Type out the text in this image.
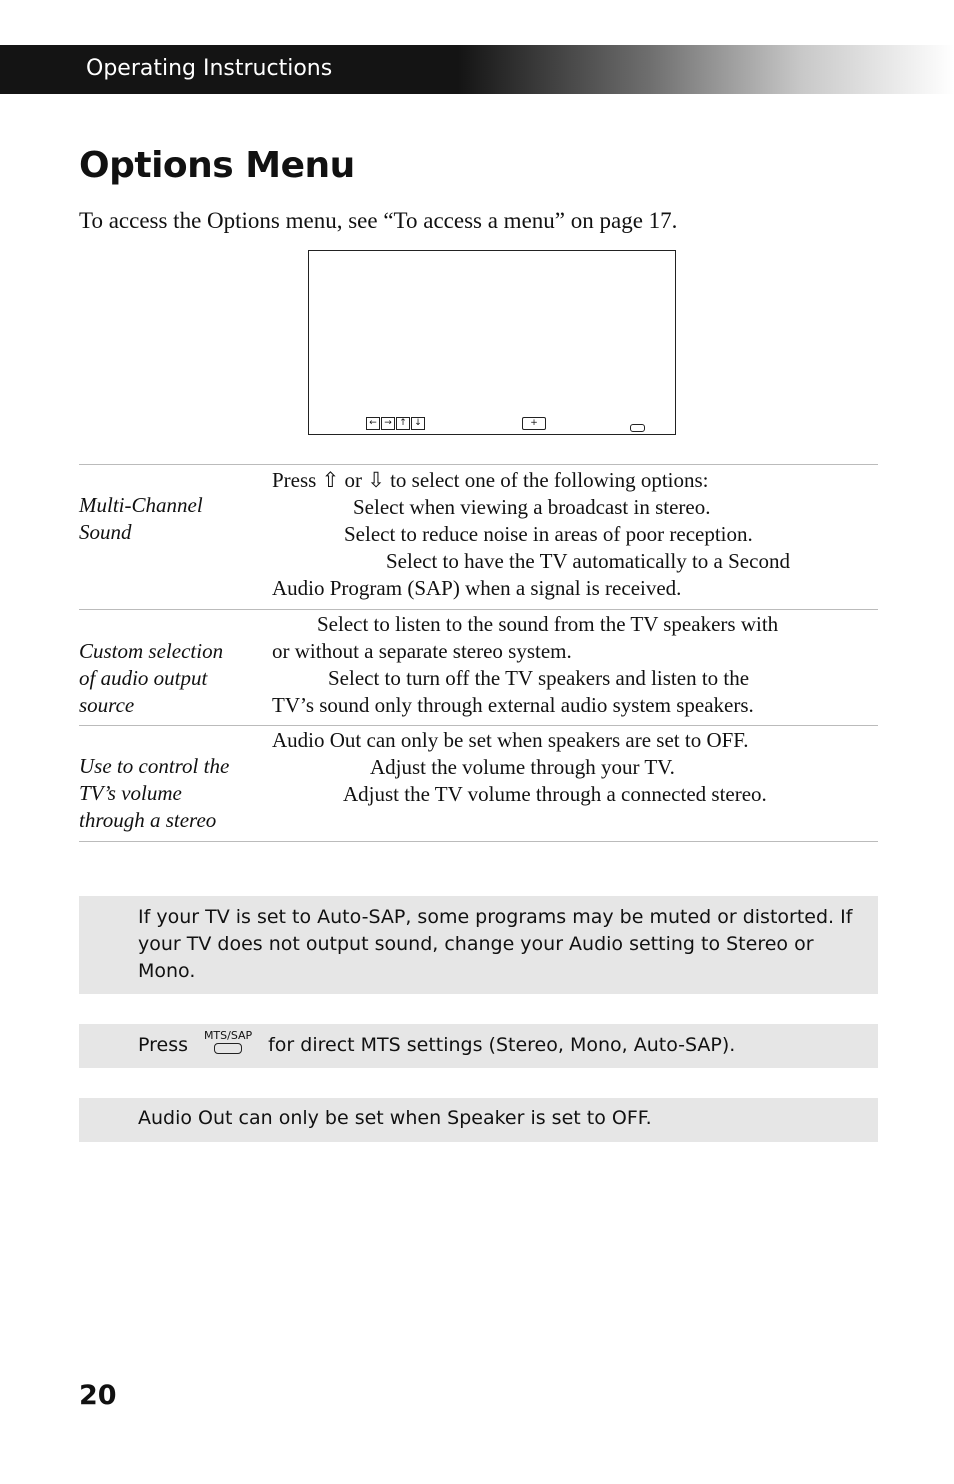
Operating Instructions
Options Menu
To access the Options menu, see “To access a menu” on page 17.
← → ↑ ↓	+
Multi-Channel
Sound
Press ⇧ or ⇩ to select one of the following options:
Select when viewing a broadcast in stereo.
Select to reduce noise in areas of poor reception.
Select to have the TV automatically to a Second
Audio Program (SAP) when a signal is received.
Custom selection
of audio output
source
Select to listen to the sound from the TV speakers with
or without a separate stereo system.
Select to turn off the TV speakers and listen to the
TV’s sound only through external audio system speakers.
Use to control the
TV’s volume
through a stereo
Audio Out can only be set when speakers are set to OFF.
Adjust the volume through your TV.
Adjust the TV volume through a connected stereo.
If your TV is set to Auto-SAP, some programs may be muted or distorted. If
your TV does not output sound, change your Audio setting to Stereo or
Mono.
Press	MTS/SAP for direct MTS settings (Stereo, Mono, Auto-SAP).
Audio Out can only be set when Speaker is set to OFF.
20
